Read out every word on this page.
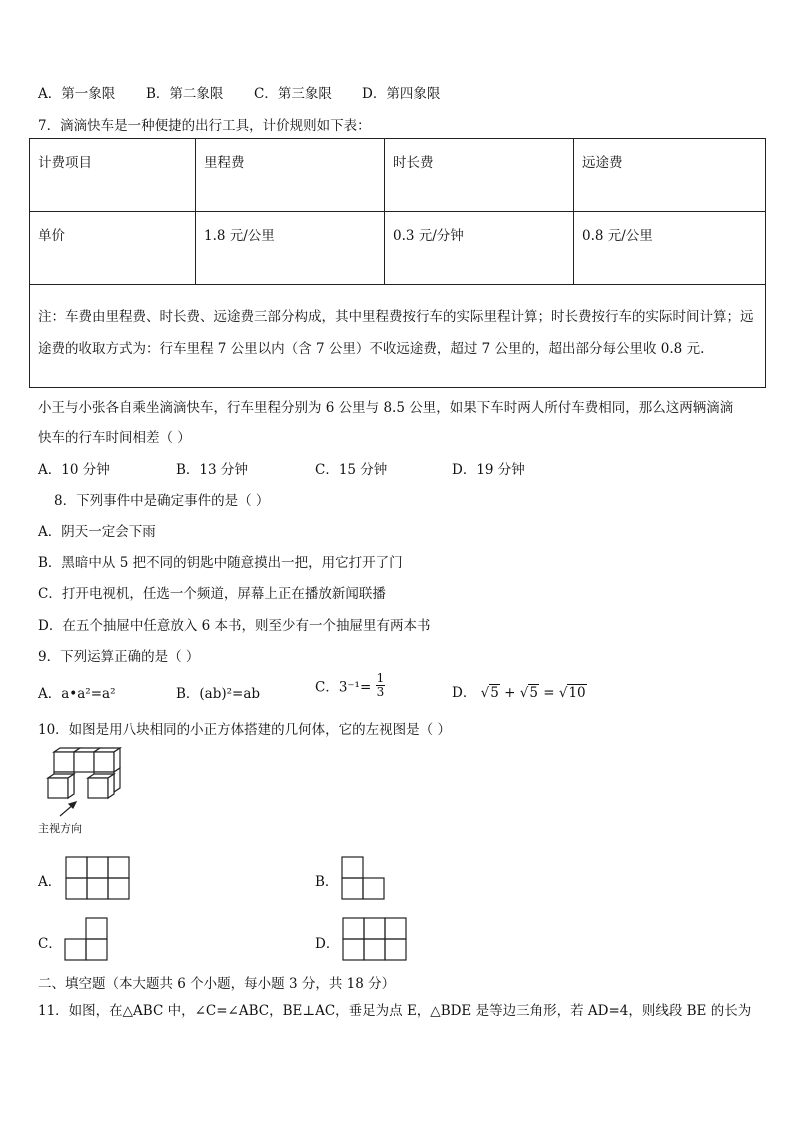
A．第一象限 B．第二象限 C．第三象限 D．第四象限
7．滴滴快车是一种便捷的出行工具，计价规则如下表：
计费项目	里程费	时长费	远途费
单价	1.8 元/公里	0.3 元/分钟	0.8 元/公里
注：车费由里程费、时长费、远途费三部分构成，其中里程费按行车的实际里程计算；时长费按行车的实际时间计算；远途费的收取方式为：行车里程 7 公里以内（含 7 公里）不收远途费，超过 7 公里的，超出部分每公里收 0.8 元.			
小王与小张各自乘坐滴滴快车，行车里程分别为 6 公里与 8.5 公里，如果下车时两人所付车费相同，那么这两辆滴滴
快车的行车时间相差（ ）
A．10 分钟	B．13 分钟	C．15 分钟	D．19 分钟
8．下列事件中是确定事件的是（ ）
A．阴天一定会下雨
B．黑暗中从 5 把不同的钥匙中随意摸出一把，用它打开了门
C．打开电视机，任选一个频道，屏幕上正在播放新闻联播
D．在五个抽屉中任意放入 6 本书，则至少有一个抽屉里有两本书
9．下列运算正确的是（ ）
A．a•a²=a²	B．(ab)²=ab	C．$3^{-1}= \frac{1}{3}$	D． √5 + √5 = √10
10．如图是用八块相同的小正方体搭建的几何体，它的左视图是（ ）
主视方向
A．	B．
C．	D．
二、填空题（本大题共 6 个小题，每小题 3 分，共 18 分）
11．如图，在△ABC 中，∠C=∠ABC，BE⊥AC，垂足为点 E，△BDE 是等边三角形，若 AD=4，则线段 BE 的长为
